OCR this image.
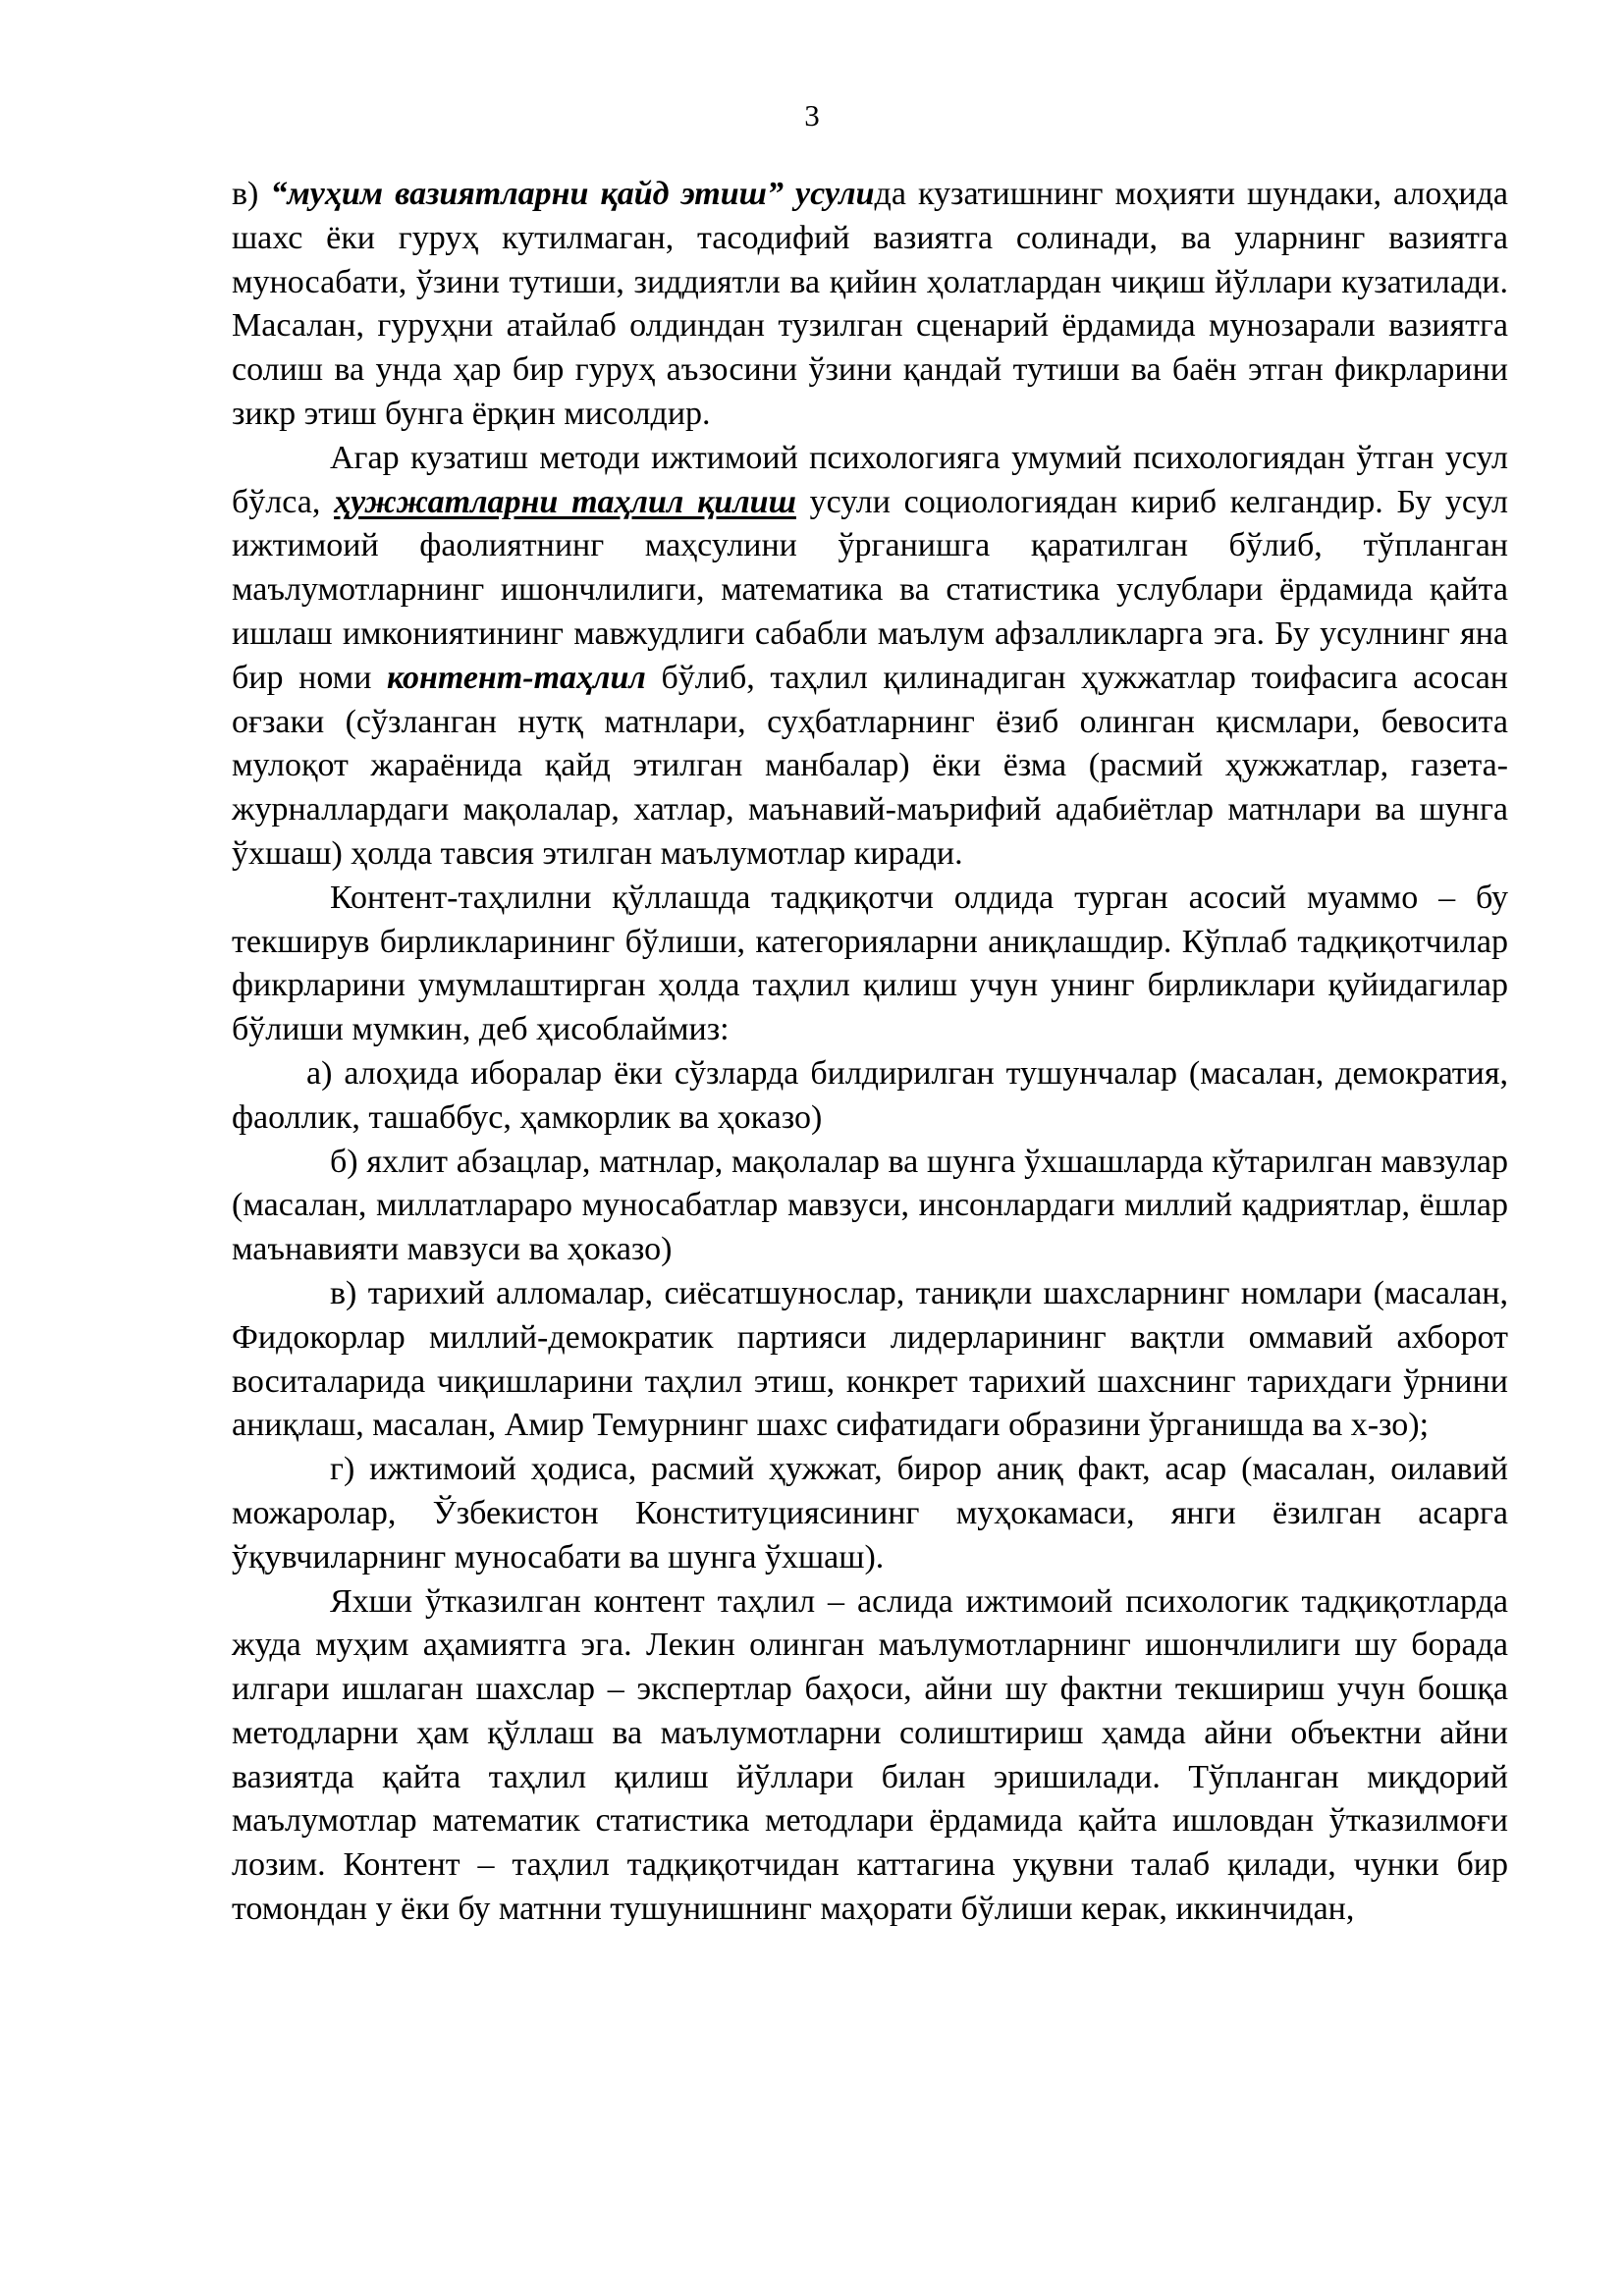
3

в) “муҳим вазиятларни қайд этиш” усулида кузатишнинг моҳияти шундаки, алоҳида шахс ёки гуруҳ кутилмаган, тасодифий вазиятга солинади, ва уларнинг вазиятга муносабати, ўзини тутиши, зиддиятли ва қийин ҳолатлардан чиқиш йўллари кузатилади. Масалан, гуруҳни атайлаб олдиндан тузилган сценарий ёрдамида мунозарали вазиятга солиш ва унда ҳар бир гуруҳ аъзосини ўзини қандай тутиши ва баён этган фикрларини зикр этиш бунга ёрқин мисолдир.

Агар кузатиш методи ижтимоий психологияга умумий психологиядан ўтган усул бўлса, ҳужжатларни таҳлил қилиш усули социологиядан кириб келгандир. Бу усул ижтимоий фаолиятнинг маҳсулини ўрганишга қаратилган бўлиб, тўпланган маълумотларнинг ишончлилиги, математика ва статистика услублари ёрдамида қайта ишлаш имкониятининг мавжудлиги сабабли маълум афзалликларга эга. Бу усулнинг яна бир номи контент-таҳлил бўлиб, таҳлил қилинадиган ҳужжатлар тоифасига асосан оғзаки (сўзланган нутқ матнлари, суҳбатларнинг ёзиб олинган қисмлари, бевосита мулоқот жараёнида қайд этилган манбалар) ёки ёзма (расмий ҳужжатлар, газета-журналлардаги мақолалар, хатлар, маънавий-маърифий адабиётлар матнлари ва шунга ўхшаш) ҳолда тавсия этилган маълумотлар киради.

Контент-таҳлилни қўллашда тадқиқотчи олдида турган асосий муаммо – бу текширув бирликларининг бўлиши, категорияларни аниқлашдир. Кўплаб тадқиқотчилар фикрларини умумлаштирган ҳолда таҳлил қилиш учун унинг бирликлари қуйидагилар бўлиши мумкин, деб ҳисоблаймиз:

а) алоҳида иборалар ёки сўзларда билдирилган тушунчалар (масалан, демократия, фаоллик, ташаббус, ҳамкорлик ва ҳоказо)

б) яхлит абзацлар, матнлар, мақолалар ва шунга ўхшашларда кўтарилган мавзулар (масалан, миллатлараро муносабатлар мавзуси, инсонлардаги миллий қадриятлар, ёшлар маънавияти мавзуси ва ҳоказо)

в) тарихий алломалар, сиёсатшунослар, таниқли шахсларнинг номлари (масалан, Фидокорлар миллий-демократик партияси лидерларининг вақтли оммавий ахборот воситаларида чиқишларини таҳлил этиш, конкрет тарихий шахснинг тарихдаги ўрнини аниқлаш, масалан, Амир Темурнинг шахс сифатидаги образини ўрганишда ва х-зо);

г) ижтимоий ҳодиса, расмий ҳужжат, бирор аниқ факт, асар (масалан, оилавий можаролар, Ўзбекистон Конституциясининг муҳокамаси, янги ёзилган асарга ўқувчиларнинг муносабати ва шунга ўхшаш).

Яхши ўтказилган контент таҳлил – аслида ижтимоий психологик тадқиқотларда жуда муҳим аҳамиятга эга. Лекин олинган маълумотларнинг ишончлилиги шу борада илгари ишлаган шахслар – экспертлар баҳоси, айни шу фактни текшириш учун бошқа методларни ҳам қўллаш ва маълумотларни солиштириш ҳамда айни объектни айни вазиятда қайта таҳлил қилиш йўллари билан эришилади. Тўпланган миқдорий маълумотлар математик статистика методлари ёрдамида қайта ишловдан ўтказилмоғи лозим. Контент – таҳлил тадқиқотчидан каттагина уқувни талаб қилади, чунки бир томондан у ёки бу матнни тушунишнинг маҳорати бўлиши керак, иккинчидан,
